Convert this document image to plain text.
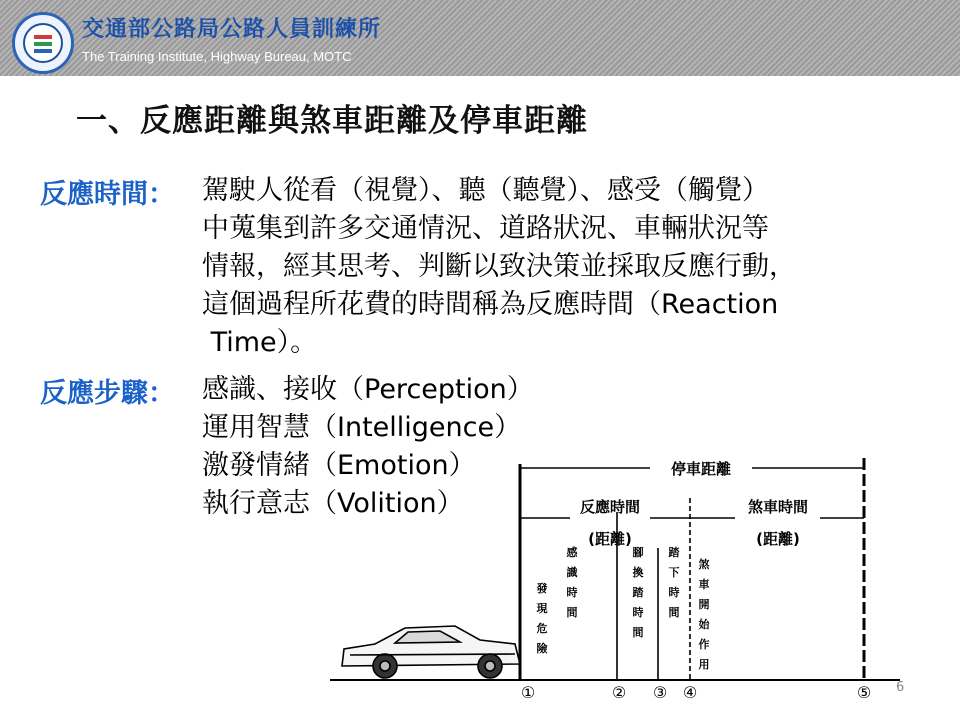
交通部公路局公路人員訓練所
The Training Institute, Highway Bureau, MOTC
一、反應距離與煞車距離及停車距離
反應時間： 駕駛人從看（視覺）、聽（聽覺）、感受（觸覺）
中蒐集到許多交通情況、道路狀況、車輛狀況等
情報，經其思考、判斷以致決策並採取反應行動，
這個過程所花費的時間稱為反應時間（Reaction
Time）。
反應步驟： 感識、接收（Perception）
運用智慧（Intelligence）
激發情緒（Emotion）
執行意志（Volition）
停車距離
反應時間
(距離)
煞車時間
(距離)
發現危險
感識時間
腳換踏時間
踏下時間
煞車開始作用
①	② ③ ④	⑤ 6
